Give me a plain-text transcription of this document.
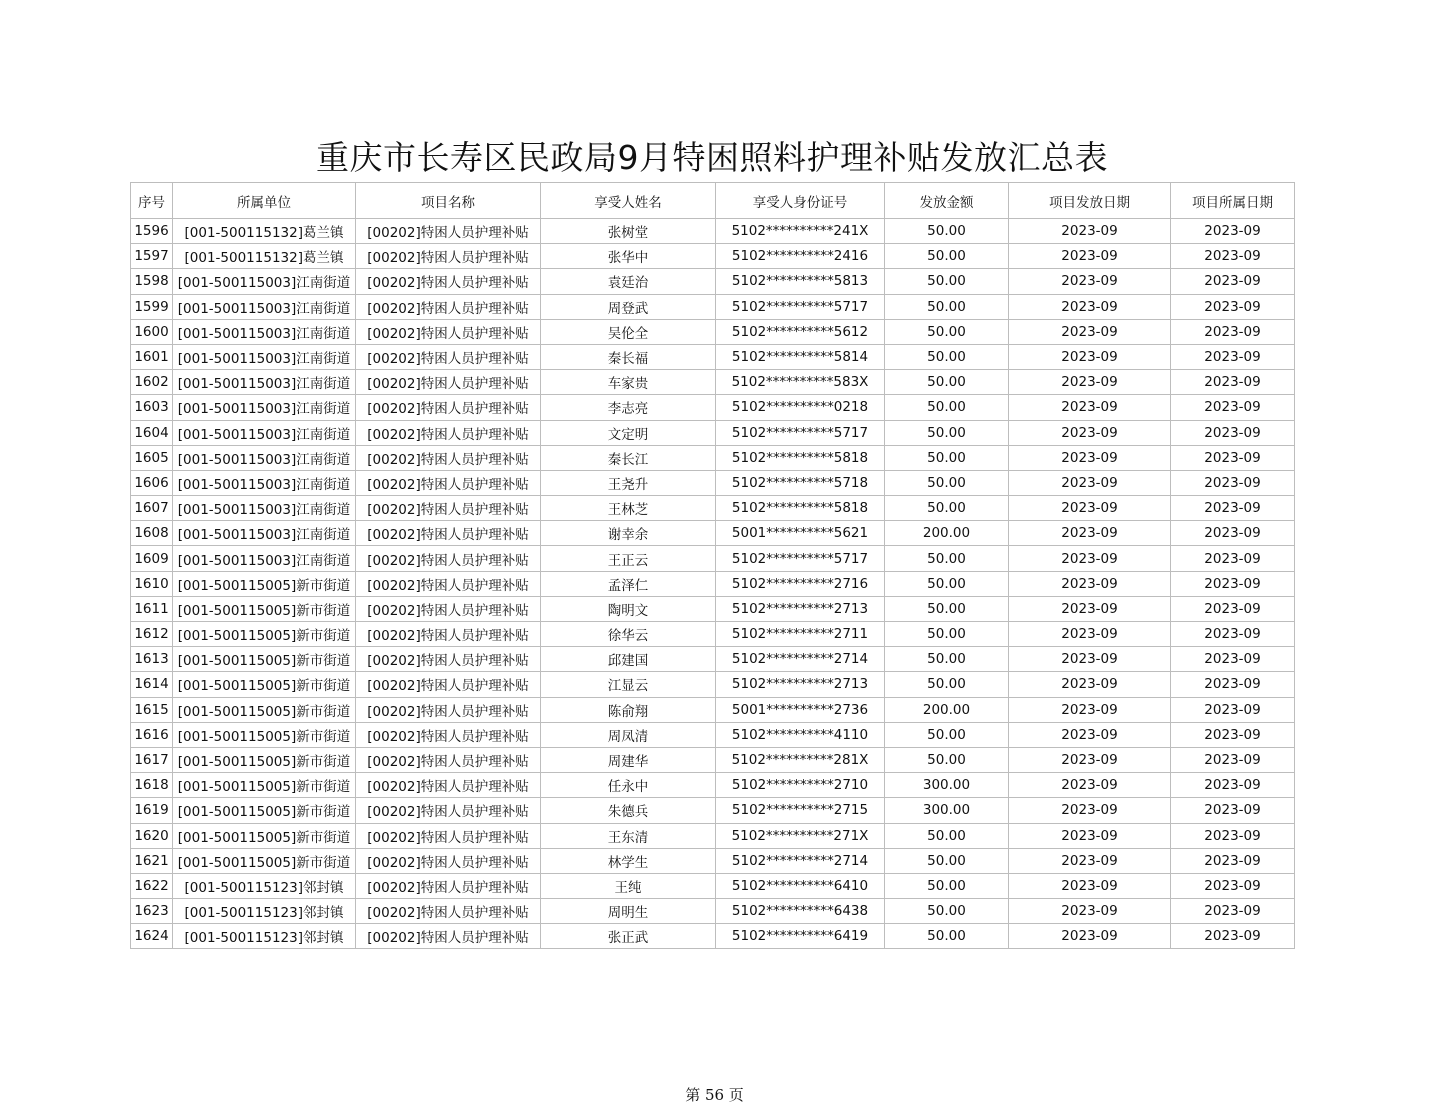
重庆市长寿区民政局9月特困照料护理补贴发放汇总表
序号	所属单位	项目名称	享受人姓名	享受人身份证号	发放金额	项目发放日期	项目所属日期
1596	[001-500115132]葛兰镇	[00202]特困人员护理补贴	张树堂	5102**********241X	50.00	2023-09	2023-09
1597	[001-500115132]葛兰镇	[00202]特困人员护理补贴	张华中	5102**********2416	50.00	2023-09	2023-09
1598	[001-500115003]江南街道	[00202]特困人员护理补贴	袁廷治	5102**********5813	50.00	2023-09	2023-09
1599	[001-500115003]江南街道	[00202]特困人员护理补贴	周登武	5102**********5717	50.00	2023-09	2023-09
1600	[001-500115003]江南街道	[00202]特困人员护理补贴	吴伦全	5102**********5612	50.00	2023-09	2023-09
1601	[001-500115003]江南街道	[00202]特困人员护理补贴	秦长福	5102**********5814	50.00	2023-09	2023-09
1602	[001-500115003]江南街道	[00202]特困人员护理补贴	车家贵	5102**********583X	50.00	2023-09	2023-09
1603	[001-500115003]江南街道	[00202]特困人员护理补贴	李志亮	5102**********0218	50.00	2023-09	2023-09
1604	[001-500115003]江南街道	[00202]特困人员护理补贴	文定明	5102**********5717	50.00	2023-09	2023-09
1605	[001-500115003]江南街道	[00202]特困人员护理补贴	秦长江	5102**********5818	50.00	2023-09	2023-09
1606	[001-500115003]江南街道	[00202]特困人员护理补贴	王尧升	5102**********5718	50.00	2023-09	2023-09
1607	[001-500115003]江南街道	[00202]特困人员护理补贴	王林芝	5102**********5818	50.00	2023-09	2023-09
1608	[001-500115003]江南街道	[00202]特困人员护理补贴	谢幸余	5001**********5621	200.00	2023-09	2023-09
1609	[001-500115003]江南街道	[00202]特困人员护理补贴	王正云	5102**********5717	50.00	2023-09	2023-09
1610	[001-500115005]新市街道	[00202]特困人员护理补贴	孟泽仁	5102**********2716	50.00	2023-09	2023-09
1611	[001-500115005]新市街道	[00202]特困人员护理补贴	陶明文	5102**********2713	50.00	2023-09	2023-09
1612	[001-500115005]新市街道	[00202]特困人员护理补贴	徐华云	5102**********2711	50.00	2023-09	2023-09
1613	[001-500115005]新市街道	[00202]特困人员护理补贴	邱建国	5102**********2714	50.00	2023-09	2023-09
1614	[001-500115005]新市街道	[00202]特困人员护理补贴	江显云	5102**********2713	50.00	2023-09	2023-09
1615	[001-500115005]新市街道	[00202]特困人员护理补贴	陈俞翔	5001**********2736	200.00	2023-09	2023-09
1616	[001-500115005]新市街道	[00202]特困人员护理补贴	周凤清	5102**********4110	50.00	2023-09	2023-09
1617	[001-500115005]新市街道	[00202]特困人员护理补贴	周建华	5102**********281X	50.00	2023-09	2023-09
1618	[001-500115005]新市街道	[00202]特困人员护理补贴	任永中	5102**********2710	300.00	2023-09	2023-09
1619	[001-500115005]新市街道	[00202]特困人员护理补贴	朱德兵	5102**********2715	300.00	2023-09	2023-09
1620	[001-500115005]新市街道	[00202]特困人员护理补贴	王东清	5102**********271X	50.00	2023-09	2023-09
1621	[001-500115005]新市街道	[00202]特困人员护理补贴	林学生	5102**********2714	50.00	2023-09	2023-09
1622	[001-500115123]邻封镇	[00202]特困人员护理补贴	王纯	5102**********6410	50.00	2023-09	2023-09
1623	[001-500115123]邻封镇	[00202]特困人员护理补贴	周明生	5102**********6438	50.00	2023-09	2023-09
1624	[001-500115123]邻封镇	[00202]特困人员护理补贴	张正武	5102**********6419	50.00	2023-09	2023-09
第 56 页
